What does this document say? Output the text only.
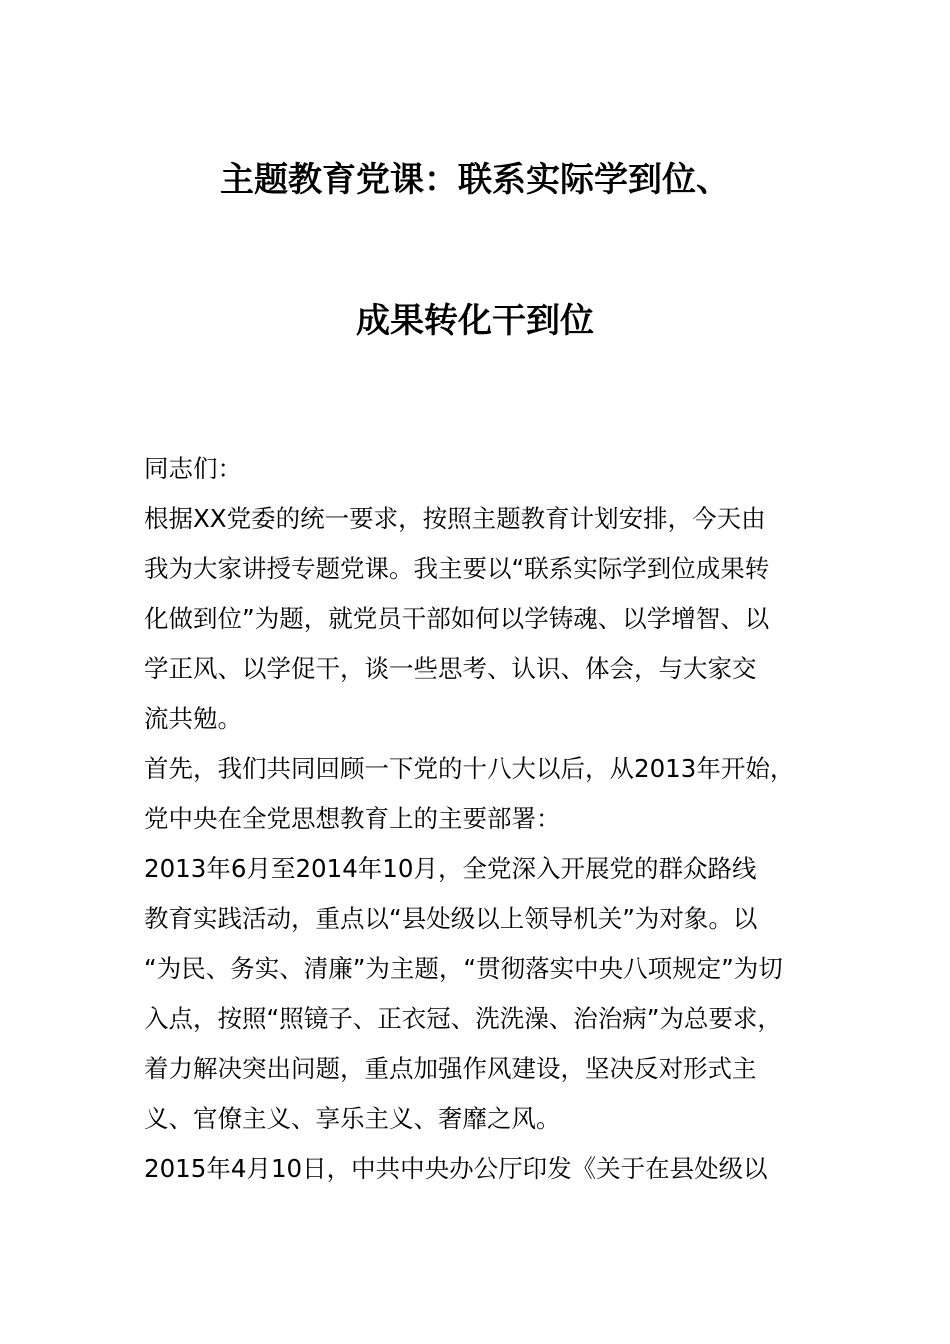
主题教育党课：联系实际学到位、
成果转化干到位
同志们：
根据XX党委的统一要求，按照主题教育计划安排，今天由
我为大家讲授专题党课。我主要以“联系实际学到位成果转
化做到位”为题，就党员干部如何以学铸魂、以学增智、以
学正风、以学促干，谈一些思考、认识、体会，与大家交
流共勉。
首先，我们共同回顾一下党的十八大以后，从2013年开始，
党中央在全党思想教育上的主要部署：
2013年6月至2014年10月，全党深入开展党的群众路线
教育实践活动，重点以“县处级以上领导机关”为对象。以
“为民、务实、清廉”为主题，“贯彻落实中央八项规定”为切
入点，按照“照镜子、正衣冠、洗洗澡、治治病”为总要求，
着力解决突出问题，重点加强作风建设，坚决反对形式主
义、官僚主义、享乐主义、奢靡之风。
2015年4月10日，中共中央办公厅印发《关于在县处级以
